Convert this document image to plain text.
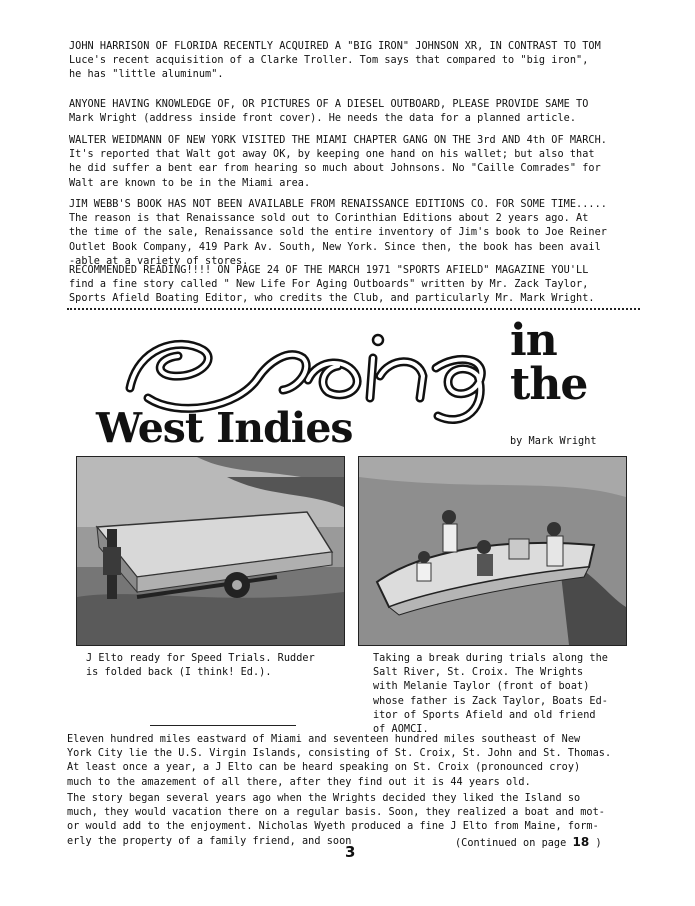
JOHN HARRISON OF FLORIDA RECENTLY ACQUIRED A "BIG IRON" JOHNSON XR, IN CONTRAST TO TOM
Luce's recent acquisition of a Clarke Troller. Tom says that compared to "big iron",
he has "little aluminum".
ANYONE HAVING KNOWLEDGE OF, OR PICTURES OF A DIESEL OUTBOARD, PLEASE PROVIDE SAME TO
Mark Wright (address inside front cover). He needs the data for a planned article.
WALTER WEIDMANN OF NEW YORK VISITED THE MIAMI CHAPTER GANG ON THE 3rd AND 4th OF MARCH.
It's reported that Walt got away OK, by keeping one hand on his wallet; but also that
he did suffer a bent ear from hearing so much about Johnsons. No "Caille Comrades" for
Walt are known to be in the Miami area.
JIM WEBB'S BOOK HAS NOT BEEN AVAILABLE FROM RENAISSANCE EDITIONS CO. FOR SOME TIME.....
The reason is that Renaissance sold out to Corinthian Editions about 2 years ago. At
the time of the sale, Renaissance sold the entire inventory of Jim's book to Joe Reiner
Outlet Book Company, 419 Park Av. South, New York. Since then, the book has been avail
-able at a variety of stores.
RECOMMENDED READING!!!! ON PAGE 24 OF THE MARCH 1971 "SPORTS AFIELD" MAGAZINE YOU'LL
find a fine story called " New Life For Aging Outboards" written by Mr. Zack Taylor,
Sports Afield Boating Editor, who credits the Club, and particularly Mr. Mark Wright.
in
the
West Indies	by Mark Wright
J Elto ready for Speed Trials. Rudder
is folded back (I think! Ed.).
Taking a break during trials along the
Salt River, St. Croix. The Wrights
with Melanie Taylor (front of boat)
whose father is Zack Taylor, Boats Ed-
itor of Sports Afield and old friend
of AOMCI.
Eleven hundred miles eastward of Miami and seventeen hundred miles southeast of New
York City lie the U.S. Virgin Islands, consisting of St. Croix, St. John and St. Thomas.
At least once a year, a J Elto can be heard speaking on St. Croix (pronounced croy)
much to the amazement of all there, after they find out it is 44 years old.
The story began several years ago when the Wrights decided they liked the Island so
much, they would vacation there on a regular basis. Soon, they realized a boat and mot-
or would add to the enjoyment. Nicholas Wyeth produced a fine J Elto from Maine, form-
erly the property of a family friend, and soon	(Continued on page 18 )
3
